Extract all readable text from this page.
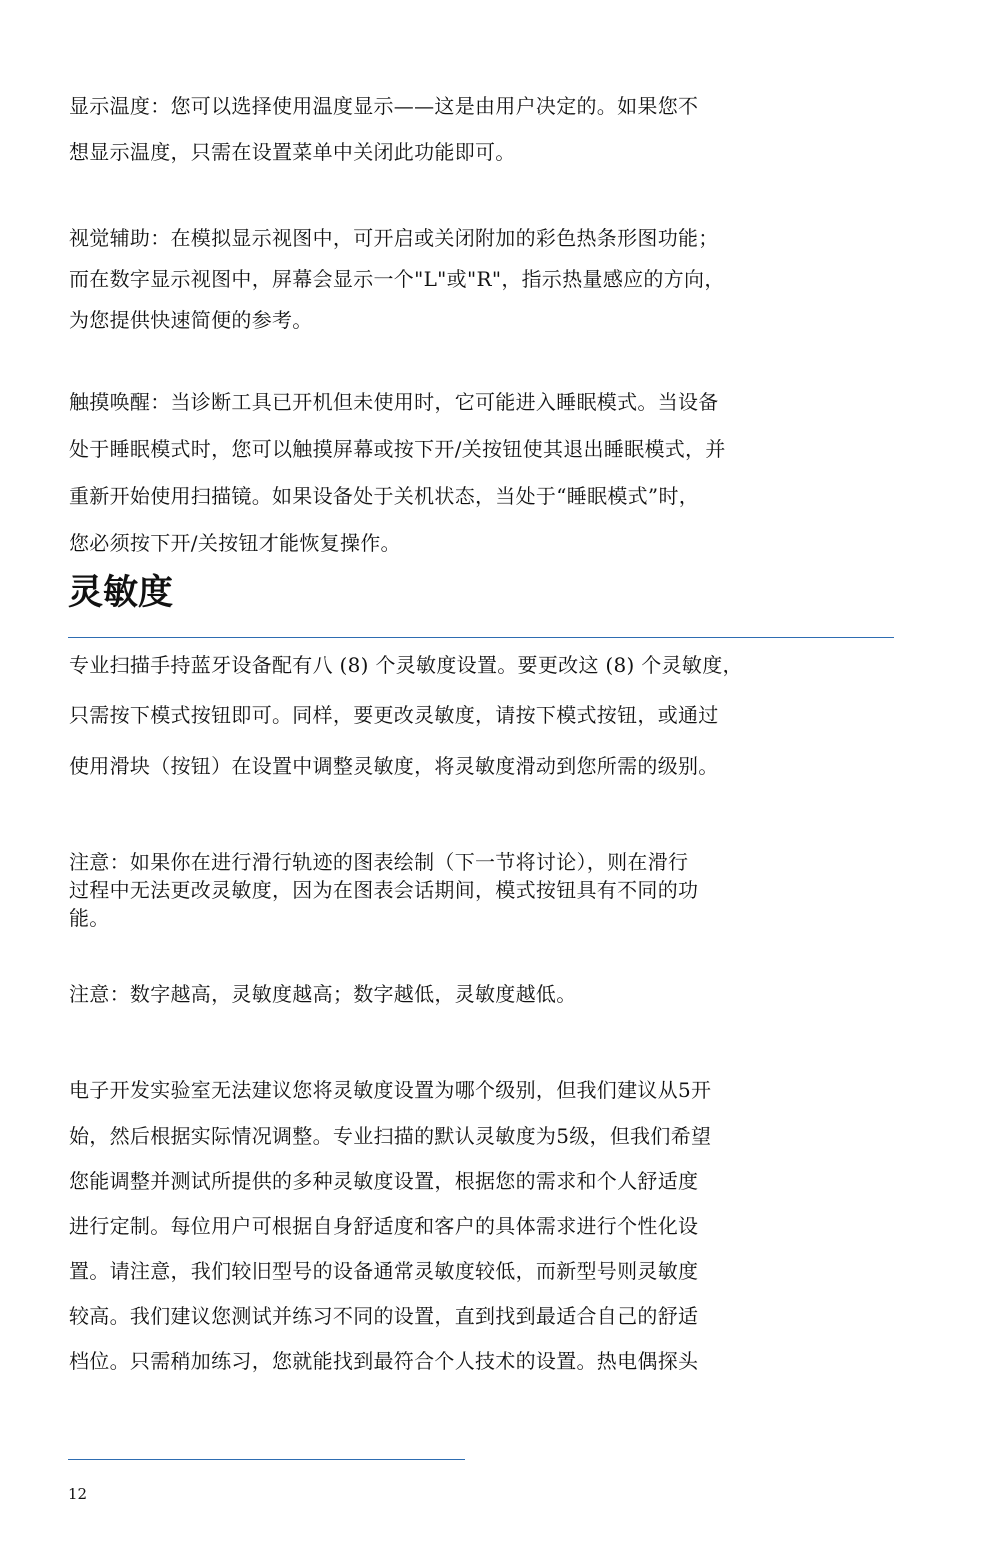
显示温度：您可以选择使用温度显示——这是由用户决定的。如果您不
想显示温度，只需在设置菜单中关闭此功能即可。
视觉辅助：在模拟显示视图中，可开启或关闭附加的彩色热条形图功能；
而在数字显示视图中，屏幕会显示一个"L"或"R"，指示热量感应的方向，
为您提供快速简便的参考。
触摸唤醒：当诊断工具已开机但未使用时，它可能进入睡眠模式。当设备
处于睡眠模式时，您可以触摸屏幕或按下开/关按钮使其退出睡眠模式，并
重新开始使用扫描镜。如果设备处于关机状态，当处于“睡眠模式”时，
您必须按下开/关按钮才能恢复操作。
灵敏度
专业扫描手持蓝牙设备配有八 (8) 个灵敏度设置。要更改这 (8) 个灵敏度，
只需按下模式按钮即可。同样，要更改灵敏度，请按下模式按钮，或通过
使用滑块（按钮）在设置中调整灵敏度，将灵敏度滑动到您所需的级别。
注意：如果你在进行滑行轨迹的图表绘制（下一节将讨论），则在滑行
过程中无法更改灵敏度，因为在图表会话期间，模式按钮具有不同的功
能。
注意：数字越高，灵敏度越高；数字越低，灵敏度越低。
电子开发实验室无法建议您将灵敏度设置为哪个级别，但我们建议从5开
始，然后根据实际情况调整。专业扫描的默认灵敏度为5级，但我们希望
您能调整并测试所提供的多种灵敏度设置，根据您的需求和个人舒适度
进行定制。每位用户可根据自身舒适度和客户的具体需求进行个性化设
置。请注意，我们较旧型号的设备通常灵敏度较低，而新型号则灵敏度
较高。我们建议您测试并练习不同的设置，直到找到最适合自己的舒适
档位。只需稍加练习，您就能找到最符合个人技术的设置。热电偶探头
12
